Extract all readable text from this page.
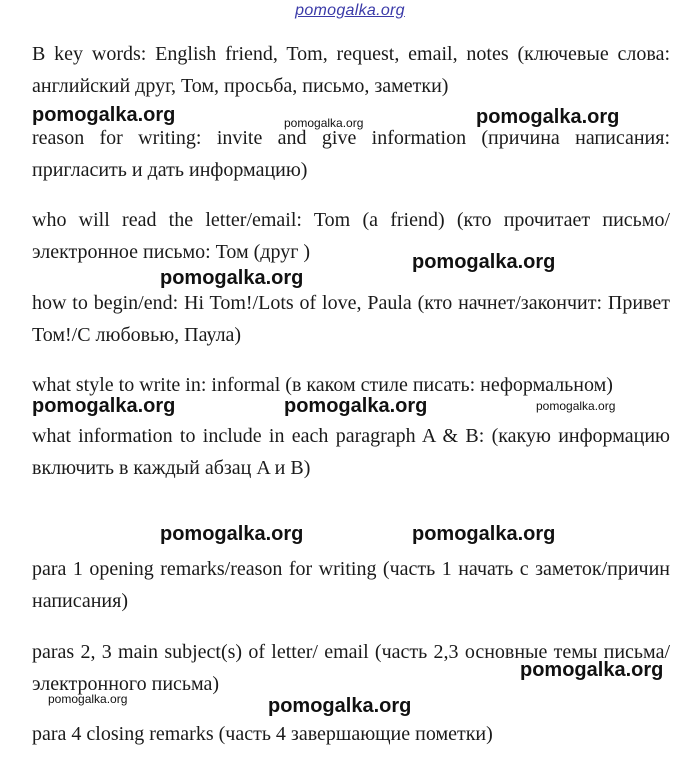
pomogalka.org
B key words: English friend, Tom, request, email, notes (ключевые слова: английский друг, Том, просьба, письмо, заметки)
reason for writing: invite and give information (причина написания: пригласить и дать информацию)
who will read the letter/email: Tom (a friend) (кто прочитает письмо/электронное письмо: Том (друг )
how to begin/end: Hi Tom!/Lots of love, Paula (кто начнет/закончит: Привет Том!/С любовью, Паула)
what style to write in: informal (в каком стиле писать: неформальном)
what information to include in each paragraph A & B: (какую информацию включить в каждый абзац A и B)
para 1 opening remarks/reason for writing (часть 1 начать с заметок/причин написания)
paras 2, 3 main subject(s) of letter/ email (часть 2,3 основные темы письма/электронного письма)
para 4 closing remarks (часть 4 завершающие пометки)
pomogalka.org	pomogalka.org	pomogalka.org
pomogalka.org
pomogalka.org
pomogalka.org	pomogalka.org	pomogalka.org
pomogalka.org	pomogalka.org
pomogalka.org
pomogalka.org	pomogalka.org
